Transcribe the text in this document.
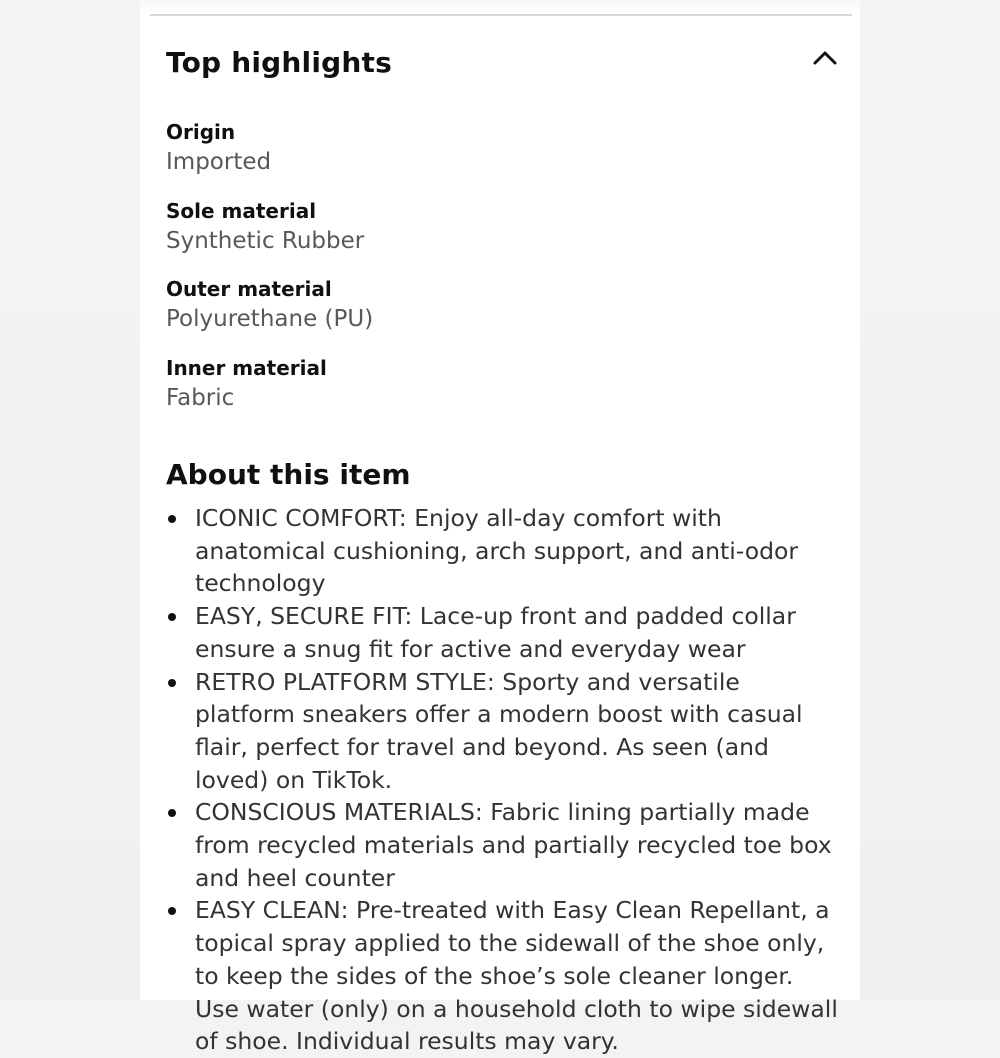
Top highlights
Origin
Imported
Sole material
Synthetic Rubber
Outer material
Polyurethane (PU)
Inner material
Fabric
About this item
ICONIC COMFORT: Enjoy all-day comfort with anatomical cushioning, arch support, and anti-odor technology
EASY, SECURE FIT: Lace-up front and padded collar ensure a snug fit for active and everyday wear
RETRO PLATFORM STYLE: Sporty and versatile platform sneakers offer a modern boost with casual flair, perfect for travel and beyond. As seen (and loved) on TikTok.
CONSCIOUS MATERIALS: Fabric lining partially made from recycled materials and partially recycled toe box and heel counter
EASY CLEAN: Pre-treated with Easy Clean Repellant, a topical spray applied to the sidewall of the shoe only, to keep the sides of the shoe’s sole cleaner longer. Use water (only) on a household cloth to wipe sidewall of shoe. Individual results may vary.
